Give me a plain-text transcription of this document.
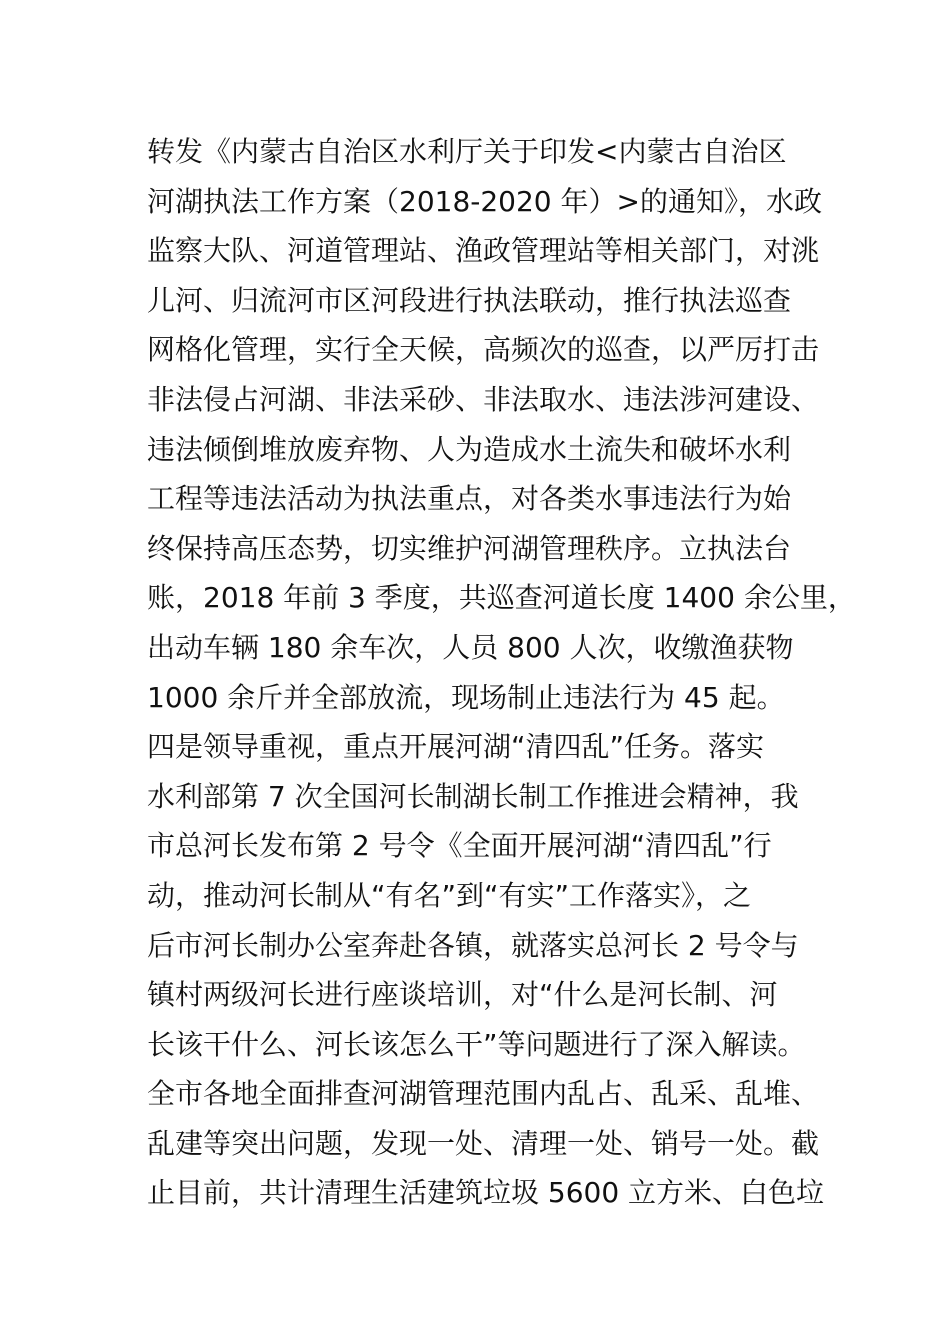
转发《内蒙古自治区水利厅关于印发<内蒙古自治区
河湖执法工作方案（2018-2020 年）>的通知》，水政
监察大队、河道管理站、渔政管理站等相关部门，对洮
儿河、归流河市区河段进行执法联动，推行执法巡查
网格化管理，实行全天候，高频次的巡查，以严厉打击
非法侵占河湖、非法采砂、非法取水、违法涉河建设、
违法倾倒堆放废弃物、人为造成水土流失和破坏水利
工程等违法活动为执法重点，对各类水事违法行为始
终保持高压态势，切实维护河湖管理秩序。立执法台
账，2018 年前 3 季度，共巡查河道长度 1400 余公里，
出动车辆 180 余车次，人员 800 人次，收缴渔获物
1000 余斤并全部放流，现场制止违法行为 45 起。
四是领导重视，重点开展河湖“清四乱”任务。落实
水利部第 7 次全国河长制湖长制工作推进会精神，我
市总河长发布第 2 号令《全面开展河湖“清四乱”行
动，推动河长制从“有名”到“有实”工作落实》，之
后市河长制办公室奔赴各镇，就落实总河长 2 号令与
镇村两级河长进行座谈培训，对“什么是河长制、河
长该干什么、河长该怎么干”等问题进行了深入解读。
全市各地全面排查河湖管理范围内乱占、乱采、乱堆、
乱建等突出问题，发现一处、清理一处、销号一处。截
止目前，共计清理生活建筑垃圾 5600 立方米、白色垃
